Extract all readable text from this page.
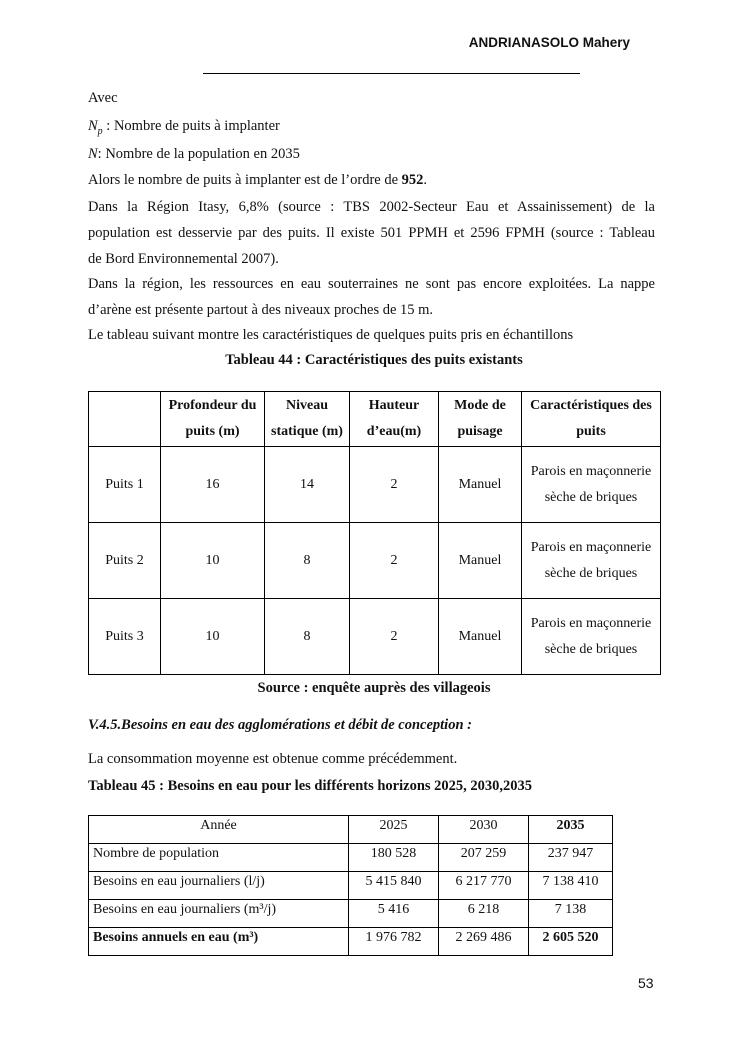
ANDRIANASOLO Mahery
Avec
$N_p$ : Nombre de puits à implanter
N: Nombre de la population en 2035
Alors le nombre de puits à implanter est de l’ordre de 952.
Dans la Région Itasy, 6,8% (source : TBS 2002-Secteur Eau et Assainissement) de la
population est desservie par des puits. Il existe 501 PPMH et 2596 FPMH (source : Tableau
de Bord Environnemental 2007).
Dans la région, les ressources en eau souterraines ne sont pas encore exploitées. La nappe
d’arène est présente partout à des niveaux proches de 15 m.
Le tableau suivant montre les caractéristiques de quelques puits pris en échantillons
Tableau 44 : Caractéristiques des puits existants
	Profondeur du puits (m)	Niveau statique (m)	Hauteur d’eau(m)	Mode de puisage	Caractéristiques des puits
Puits 1	16	14	2	Manuel	Parois en maçonnerie sèche de briques
Puits 2	10	8	2	Manuel	Parois en maçonnerie sèche de briques
Puits 3	10	8	2	Manuel	Parois en maçonnerie sèche de briques
Source : enquête auprès des villageois
V.4.5.Besoins en eau des agglomérations et débit de conception :
La consommation moyenne est obtenue comme précédemment.
Tableau 45 : Besoins en eau pour les différents horizons 2025, 2030,2035
Année	2025	2030	2035
Nombre de population	180 528	207 259	237 947
Besoins en eau journaliers (l/j)	5 415 840	6 217 770	7 138 410
Besoins en eau journaliers (m³/j)	5 416	6 218	7 138
Besoins annuels en eau (m³)	1 976 782	2 269 486	2 605 520
53
